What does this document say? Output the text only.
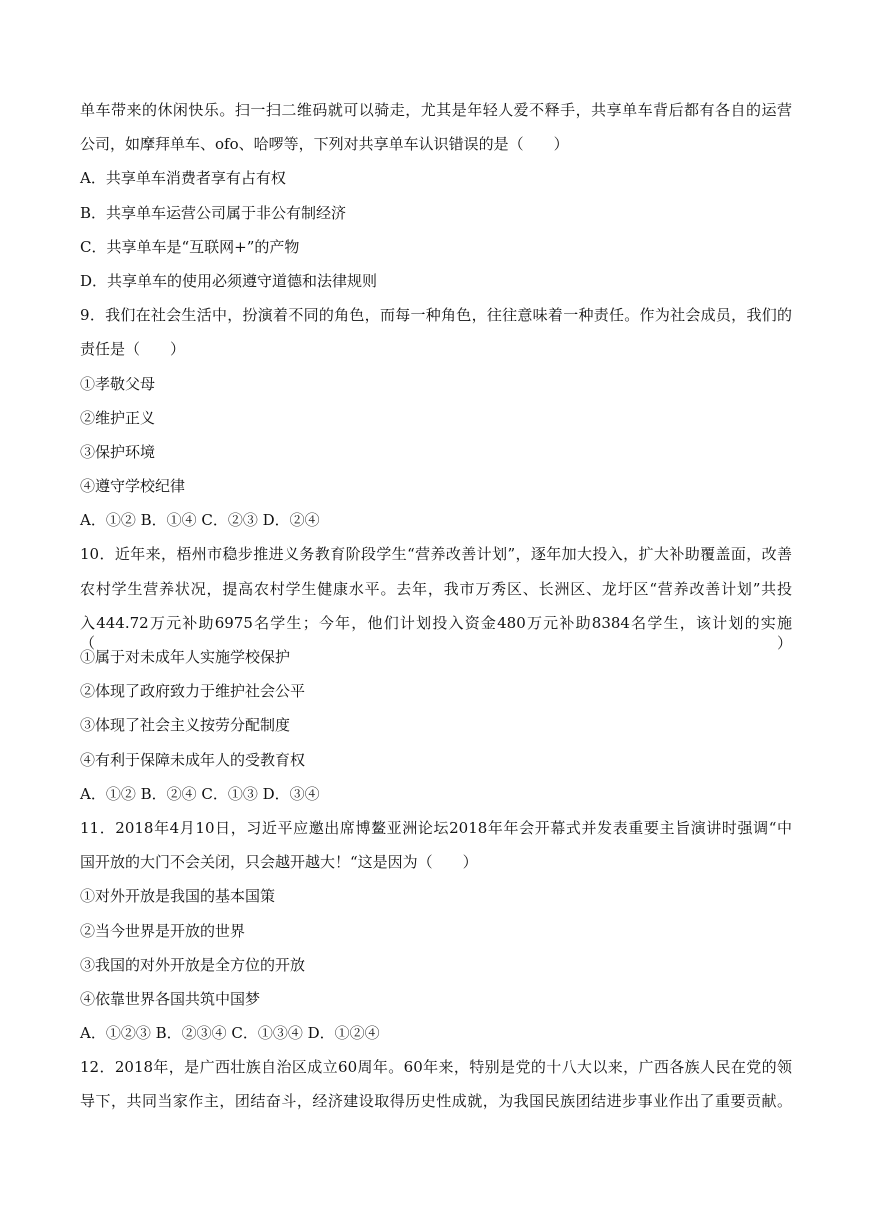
单车带来的休闲快乐。扫一扫二维码就可以骑走，尤其是年轻人爱不释手，共享单车背后都有各自的运营
公司，如摩拜单车、ofo、哈啰等，下列对共享单车认识错误的是（　　）
A．共享单车消费者享有占有权
B．共享单车运营公司属于非公有制经济
C．共享单车是“互联网+”的产物
D．共享单车的使用必须遵守道德和法律规则
9．我们在社会生活中，扮演着不同的角色，而每一种角色，往往意味着一种责任。作为社会成员，我们的
责任是（　　）
①孝敬父母
②维护正义
③保护环境
④遵守学校纪律
A．①② B．①④ C．②③ D．②④
10．近年来，梧州市稳步推进义务教育阶段学生“营养改善计划”，逐年加大投入，扩大补助覆盖面，改善
农村学生营养状况，提高农村学生健康水平。去年，我市万秀区、长洲区、龙圩区“营养改善计划”共投
入444.72万元补助6975名学生；今年，他们计划投入资金480万元补助8384名学生，该计划的实施（　　）
①属于对未成年人实施学校保护
②体现了政府致力于维护社会公平
③体现了社会主义按劳分配制度
④有利于保障未成年人的受教育权
A．①② B．②④ C．①③ D．③④
11．2018年4月10日，习近平应邀出席博鳌亚洲论坛2018年年会开幕式并发表重要主旨演讲时强调“中
国开放的大门不会关闭，只会越开越大！“这是因为（　　）
①对外开放是我国的基本国策
②当今世界是开放的世界
③我国的对外开放是全方位的开放
④依靠世界各国共筑中国梦
A．①②③ B．②③④ C．①③④ D．①②④
12．2018年，是广西壮族自治区成立60周年。60年来，特别是党的十八大以来，广西各族人民在党的领
导下，共同当家作主，团结奋斗，经济建设取得历史性成就，为我国民族团结进步事业作出了重要贡献。
